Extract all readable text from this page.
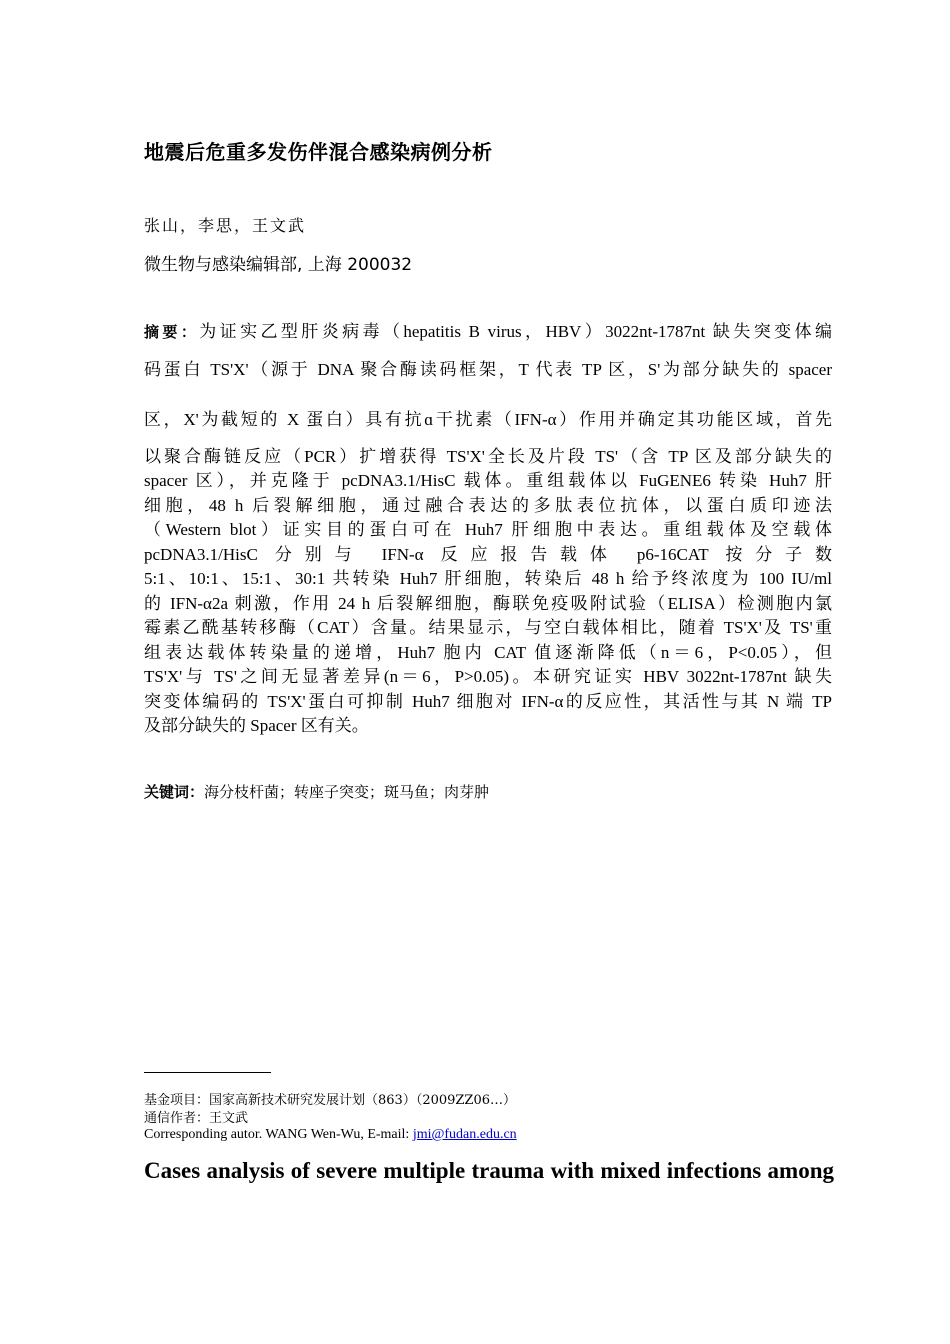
地震后危重多发伤伴混合感染病例分析
张山，李思，王文武
微生物与感染编辑部, 上海 200032
摘要：为证实乙型肝炎病毒（hepatitis B virus，HBV）3022nt-1787nt 缺失突变体编
码蛋白 TS'X'（源于 DNA 聚合酶读码框架，T 代表 TP 区，S'为部分缺失的 spacer
区，X'为截短的 X 蛋白）具有抗ɑ干扰素（IFN-α）作用并确定其功能区域，首先
以聚合酶链反应（PCR）扩增获得 TS'X'全长及片段 TS'（含 TP 区及部分缺失的
spacer 区），并克隆于 pcDNA3.1/HisC 载体。重组载体以 FuGENE6 转染 Huh7 肝
细胞，48 h 后裂解细胞，通过融合表达的多肽表位抗体，以蛋白质印迹法
（Western blot）证实目的蛋白可在 Huh7 肝细胞中表达。重组载体及空载体
pcDNA3.1/HisC 分别与 IFN-α 反应报告载体 p6-16CAT 按分子数
5:1、10:1、15:1、30:1 共转染 Huh7 肝细胞，转染后 48 h 给予终浓度为 100 IU/ml
的 IFN-α2a 刺激，作用 24 h 后裂解细胞，酶联免疫吸附试验（ELISA）检测胞内氯
霉素乙酰基转移酶（CAT）含量。结果显示，与空白载体相比，随着 TS'X'及 TS'重
组表达载体转染量的递增，Huh7 胞内 CAT 值逐渐降低（n＝6，P<0.05），但
TS'X'与 TS'之间无显著差异(n＝6，P>0.05)。本研究证实 HBV 3022nt-1787nt 缺失
突变体编码的 TS'X'蛋白可抑制 Huh7 细胞对 IFN-α的反应性，其活性与其 N 端 TP
及部分缺失的 Spacer 区有关。
关键词：海分枝杆菌；转座子突变；斑马鱼；肉芽肿
基金项目：国家高新技术研究发展计划（863）（2009ZZ06…）
通信作者：王文武
Corresponding autor. WANG Wen-Wu, E-mail: jmi@fudan.edu.cn
Cases analysis of severe multiple trauma with mixed infections among
